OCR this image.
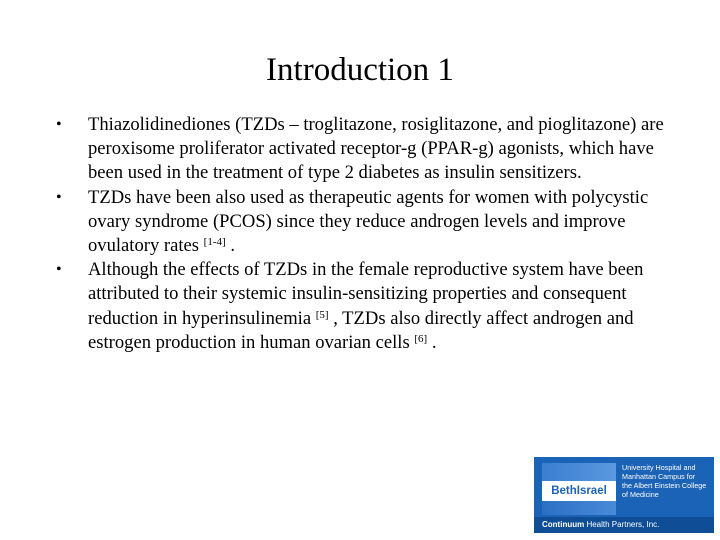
Introduction 1
•	Thiazolidinediones (TZDs – troglitazone, rosiglitazone, and pioglitazone) are peroxisome proliferator activated receptor-g (PPAR-g) agonists, which have been used in the treatment of type 2 diabetes as insulin sensitizers.
•	TZDs have been also used as therapeutic agents for women with polycystic ovary syndrome (PCOS) since they reduce androgen levels and improve ovulatory rates [1-4] .
•	Although the effects of TZDs in the female reproductive system have been attributed to their systemic insulin-sensitizing properties and consequent reduction in hyperinsulinemia [5] , TZDs also directly affect androgen and estrogen production in human ovarian cells [6] .
BethIsrael
University Hospital and
Manhattan Campus for
the Albert Einstein College
of Medicine
Continuum Health Partners, Inc.
